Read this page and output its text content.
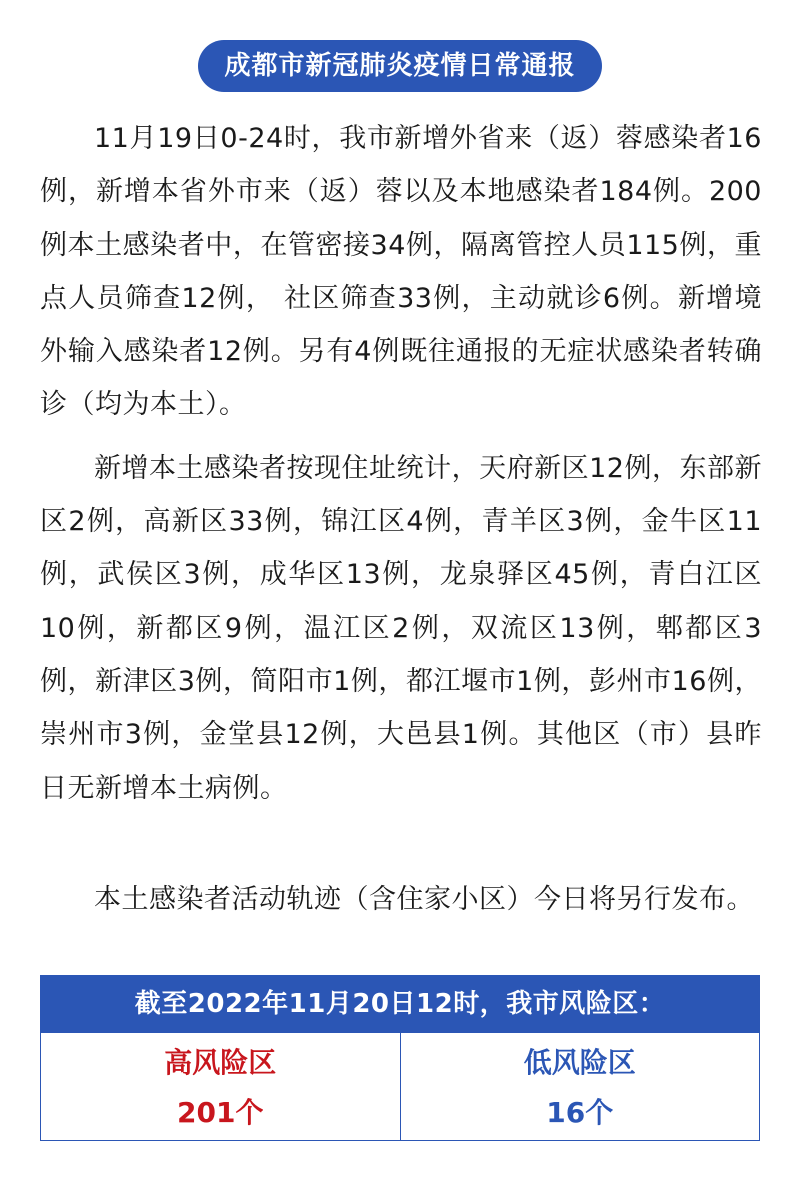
成都市新冠肺炎疫情日常通报

11月19日0-24时，我市新增外省来（返）蓉感染者16例，新增本省外市来（返）蓉以及本地感染者184例。200例本土感染者中，在管密接34例，隔离管控人员115例，重点人员筛查12例， 社区筛查33例，主动就诊6例。新增境外输入感染者12例。另有4例既往通报的无症状感染者转确诊（均为本土）。

新增本土感染者按现住址统计，天府新区12例，东部新区2例，高新区33例，锦江区4例，青羊区3例，金牛区11例，武侯区3例，成华区13例，龙泉驿区45例，青白江区10例，新都区9例，温江区2例，双流区13例，郫都区3例，新津区3例，简阳市1例，都江堰市1例，彭州市16例，崇州市3例，金堂县12例，大邑县1例。其他区（市）县昨日无新增本土病例。

本土感染者活动轨迹（含住家小区）今日将另行发布。

截至2022年11月20日12时，我市风险区：
高风险区
201个
低风险区
16个
